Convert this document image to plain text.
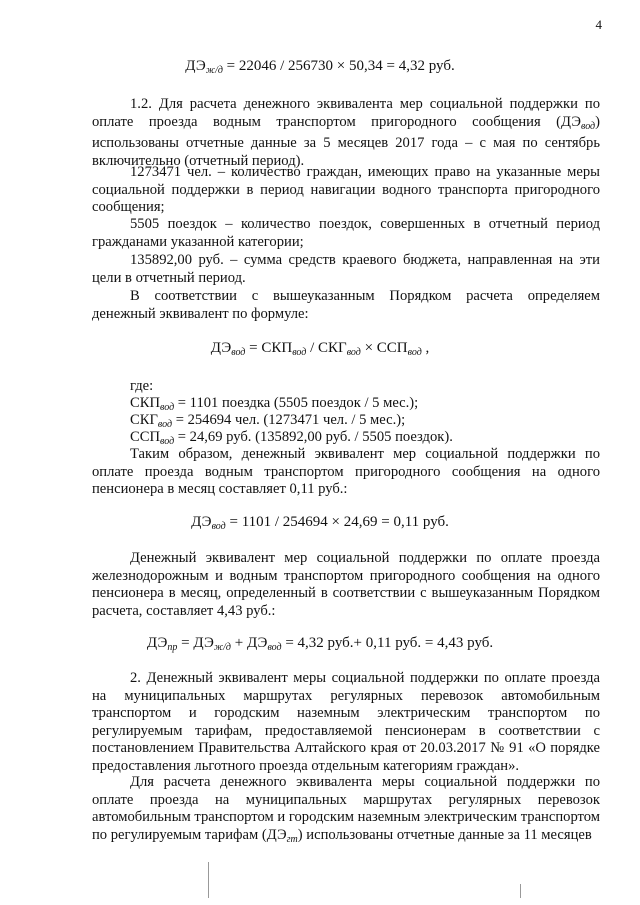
4
$ДЭ_{ж/д} = 22046 / 256730 \times 50,34 = 4,32$ руб.

1.2. Для расчета денежного эквивалента мер социальной поддержки по оплате проезда водным транспортом пригородного сообщения $(ДЭ_{вод})$ использованы отчетные данные за 5 месяцев 2017 года – с мая по сентябрь включительно (отчетный период).

1273471 чел. – количество граждан, имеющих право на указанные меры социальной поддержки в период навигации водного транспорта пригородного сообщения;

5505 поездок – количество поездок, совершенных в отчетный период гражданами указанной категории;

135892,00 руб. – сумма средств краевого бюджета, направленная на эти цели в отчетный период.

В соответствии с вышеуказанным Порядком расчета определяем денежный эквивалент по формуле:

$ДЭ_{вод} = СКП_{вод} / СКГ_{вод} \times ССП_{вод}$ ,
где:
$СКП_{вод} = 1101$ поездка (5505 поездок / 5 мес.);
$СКГ_{вод} = 254694$ чел. (1273471 чел. / 5 мес.);
$ССП_{вод} = 24,69$ руб. (135892,00 руб. / 5505 поездок).

Таким образом, денежный эквивалент мер социальной поддержки по оплате проезда водным транспортом пригородного сообщения на одного пенсионера в месяц составляет 0,11 руб.:

$ДЭ_{вод} = 1101 / 254694 \times 24,69 = 0,11$ руб.

Денежный эквивалент мер социальной поддержки по оплате проезда железнодорожным и водным транспортом пригородного сообщения на одного пенсионера в месяц, определенный в соответствии с вышеуказанным Порядком расчета, составляет 4,43 руб.:

$ДЭ_{пр} = ДЭ_{ж/д} + ДЭ_{вод} = 4,32$ руб.+ 0,11 руб. = 4,43 руб.

2. Денежный эквивалент меры социальной поддержки по оплате проезда на муниципальных маршрутах регулярных перевозок автомобильным транспортом и городским наземным электрическим транспортом по регулируемым тарифам, предоставляемой пенсионерам в соответствии с постановлением Правительства Алтайского края от 20.03.2017 № 91 «О порядке предоставления льготного проезда отдельным категориям граждан».

Для расчета денежного эквивалента меры социальной поддержки по оплате проезда на муниципальных маршрутах регулярных перевозок автомобильным транспортом и городским наземным электрическим транспортом по регулируемым тарифам $(ДЭ_{гт})$ использованы отчетные данные за 11 месяцев
